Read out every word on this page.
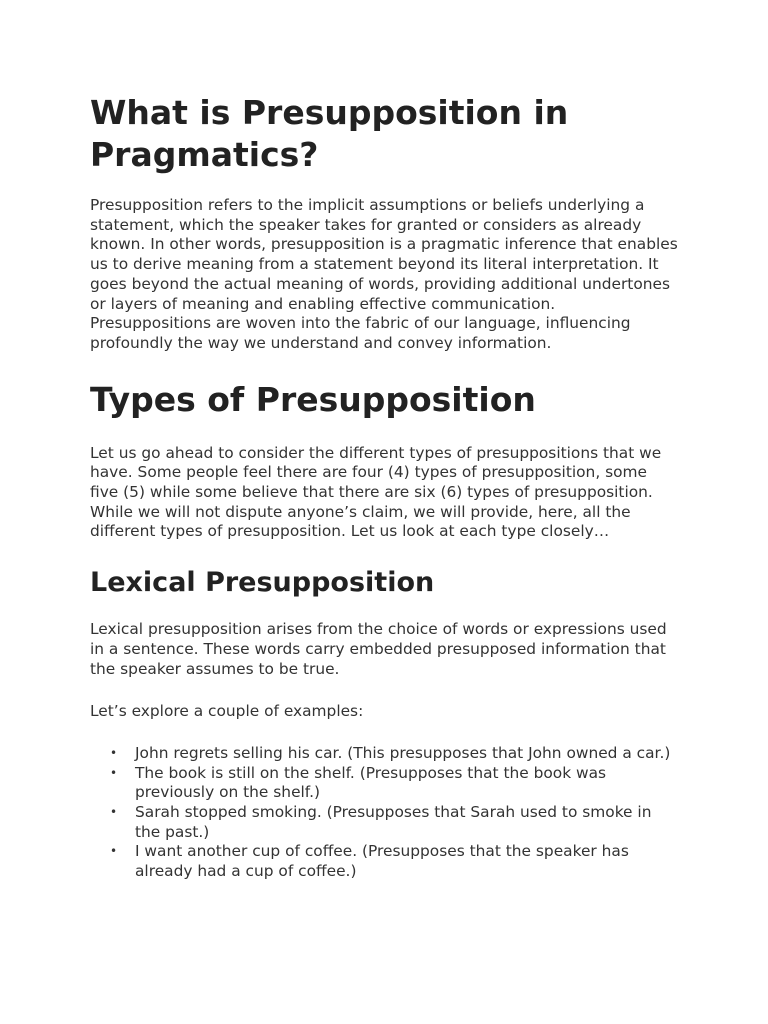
What is Presupposition in Pragmatics?

Presupposition refers to the implicit assumptions or beliefs underlying a statement, which the speaker takes for granted or considers as already known. In other words, presupposition is a pragmatic inference that enables us to derive meaning from a statement beyond its literal interpretation. It goes beyond the actual meaning of words, providing additional undertones or layers of meaning and enabling effective communication. Presuppositions are woven into the fabric of our language, influencing profoundly the way we understand and convey information.

Types of Presupposition

Let us go ahead to consider the different types of presuppositions that we have. Some people feel there are four (4) types of presupposition, some five (5) while some believe that there are six (6) types of presupposition. While we will not dispute anyone’s claim, we will provide, here, all the different types of presupposition. Let us look at each type closely…

Lexical Presupposition

Lexical presupposition arises from the choice of words or expressions used in a sentence. These words carry embedded presupposed information that the speaker assumes to be true.

Let’s explore a couple of examples:

• John regrets selling his car. (This presupposes that John owned a car.)
• The book is still on the shelf. (Presupposes that the book was previously on the shelf.)
• Sarah stopped smoking. (Presupposes that Sarah used to smoke in the past.)
• I want another cup of coffee. (Presupposes that the speaker has already had a cup of coffee.)
